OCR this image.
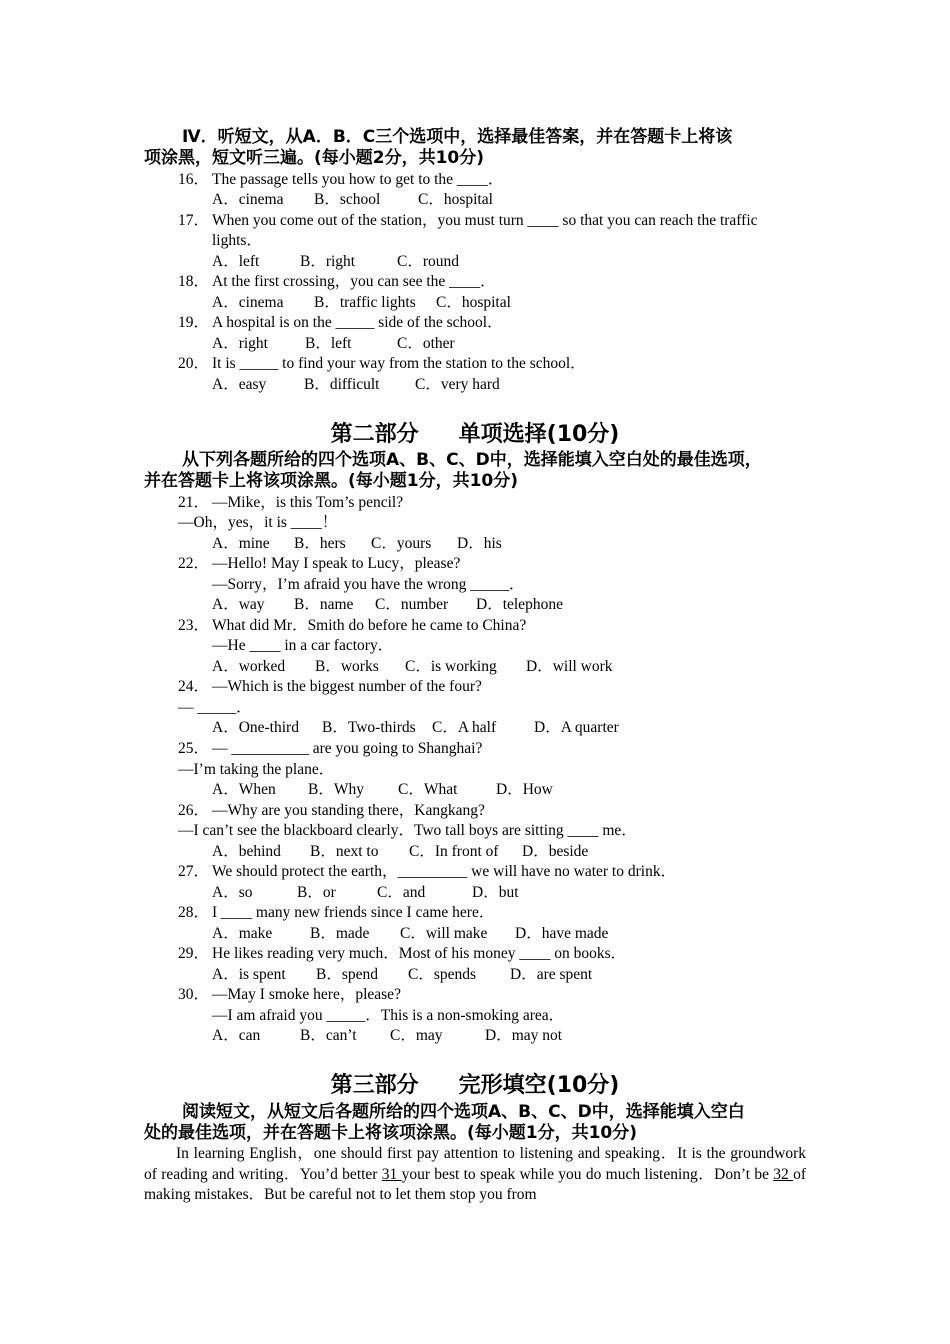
Ⅳ．听短文，从A．B．C三个选项中，选择最佳答案，并在答题卡上将该
项涂黑，短文听三遍。(每小题2分，共10分)
16． The passage tells you how to get to the ____．
A．cinema B．school C．hospital
17． When you come out of the station，you must turn ____ so that you can reach the traffic
lights．
A．left	B．right	C．round
18． At the first crossing，you can see the ____．
A．cinema B．traffic lights C．hospital
19． A hospital is on the _____ side of the school．
A．right B．left	C．other
20． It is _____ to find your way from the station to the school．
A．easy B．difficult C．very hard
第二部分 单项选择(10分)
从下列各题所给的四个选项A、B、C、D中，选择能填入空白处的最佳选项，
并在答题卡上将该项涂黑。(每小题1分，共10分)
21． —Mike，is this Tom’s pencil?
—Oh，yes，it is ____！
A．mine B．hers C．yours D．his
22． —Hello! May I speak to Lucy，please?
—Sorry，I’m afraid you have the wrong _____．
A．way B．name C．number D．telephone
23． What did Mr．Smith do before he came to China?
—He ____ in a car factory．
A．worked B．works C．is working D．will work
24． —Which is the biggest number of the four?
— _____．
A．One-third B．Two-thirds C．A half D．A quarter
25． — __________ are you going to Shanghai?
—I’m taking the plane．
A．When B．Why C．What D．How
26． —Why are you standing there，Kangkang?
—I can’t see the blackboard clearly．Two tall boys are sitting ____ me．
A．behind B．next to C．In front of D．beside
27． We should protect the earth，_________ we will have no water to drink．
A．so	B．or	C．and	D．but
28． I ____ many new friends since I came here．
A．make B．made C．will make D．have made
29． He likes reading very much．Most of his money ____ on books．
A．is spent B．spend C．spends D．are spent
30． —May I smoke here，please?
—I am afraid you _____．This is a non-smoking area．
A．can	B．can’t C．may	D．may not
第三部分 完形填空(10分)
阅读短文，从短文后各题所给的四个选项A、B、C、D中，选择能填入空白
处的最佳选项，并在答题卡上将该项涂黑。(每小题1分，共10分)
In learning English，one should first pay attention to listening and speaking．It is the groundwork of reading and writing．You’d better 31 your best to speak while you do much listening．Don’t be 32 of making mistakes．But be careful not to let them stop you from
